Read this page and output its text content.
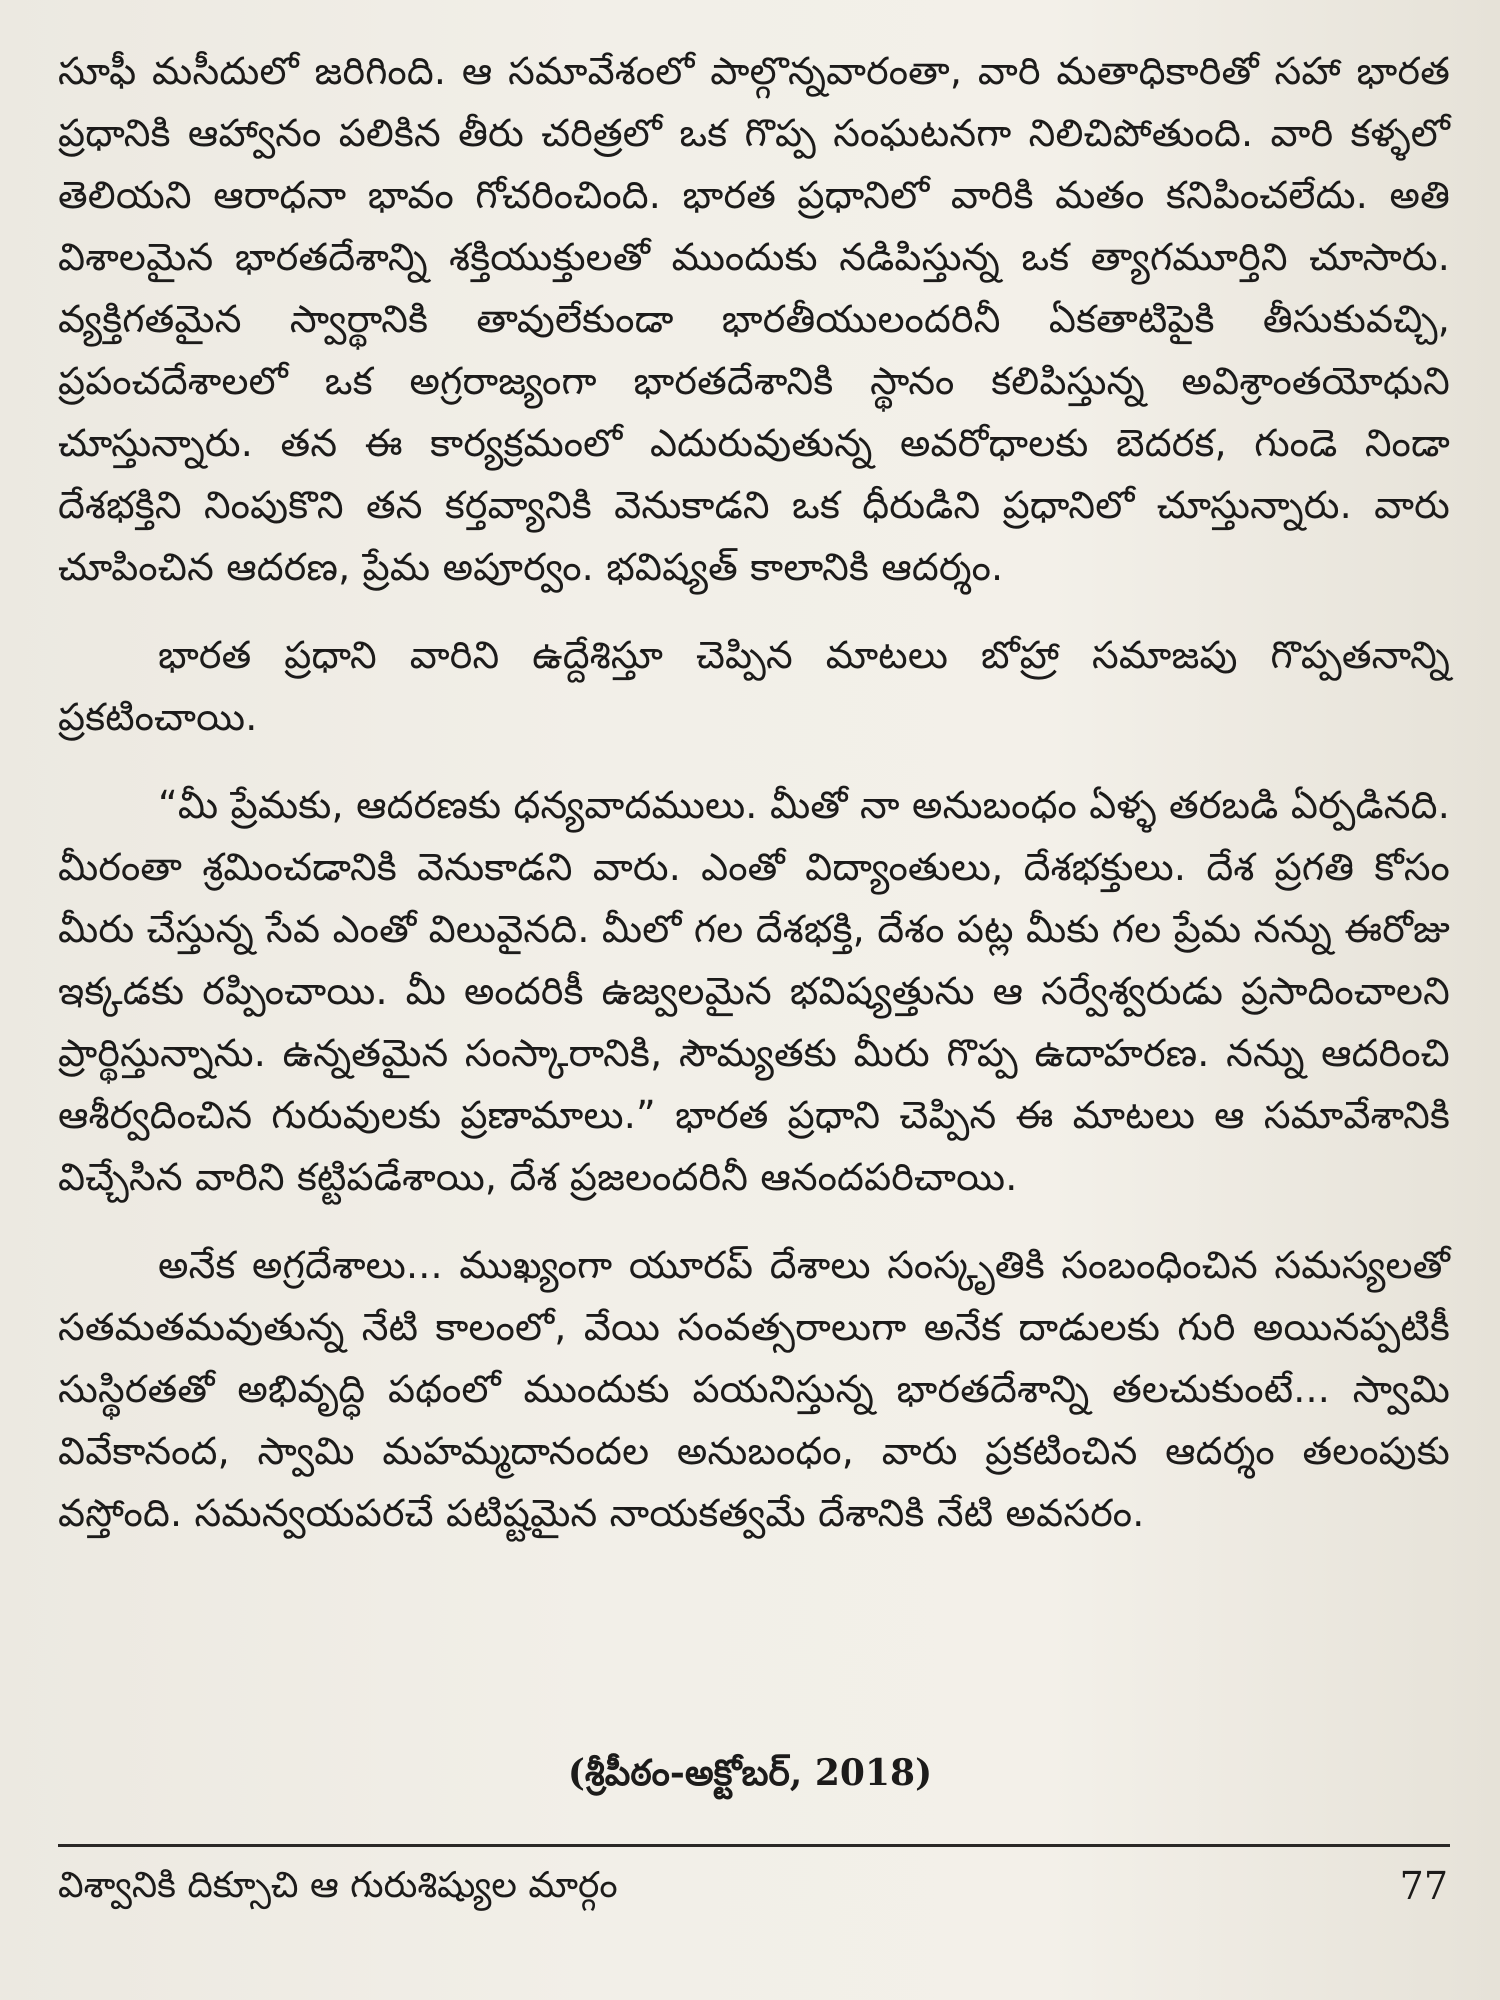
సూఫీ మసీదులో జరిగింది. ఆ సమావేశంలో పాల్గొన్నవారంతా, వారి మతాధికారితో సహా భారత ప్రధానికి ఆహ్వానం పలికిన తీరు చరిత్రలో ఒక గొప్ప సంఘటనగా నిలిచిపోతుంది. వారి కళ్ళలో తెలియని ఆరాధనా భావం గోచరించింది. భారత ప్రధానిలో వారికి మతం కనిపించలేదు. అతి విశాలమైన భారతదేశాన్ని శక్తియుక్తులతో ముందుకు నడిపిస్తున్న ఒక త్యాగమూర్తిని చూసారు. వ్యక్తిగతమైన స్వార్థానికి తావులేకుండా భారతీయులందరినీ ఏకతాటిపైకి తీసుకువచ్చి, ప్రపంచదేశాలలో ఒక అగ్రరాజ్యంగా భారతదేశానికి స్థానం కలిపిస్తున్న అవిశ్రాంతయోధుని చూస్తున్నారు. తన ఈ కార్యక్రమంలో ఎదురువుతున్న అవరోధాలకు బెదరక, గుండె నిండా దేశభక్తిని నింపుకొని తన కర్తవ్యానికి వెనుకాడని ఒక ధీరుడిని ప్రధానిలో చూస్తున్నారు. వారు చూపించిన ఆదరణ, ప్రేమ అపూర్వం. భవిష్యత్ కాలానికి ఆదర్శం.

భారత ప్రధాని వారిని ఉద్దేశిస్తూ చెప్పిన మాటలు బోహ్రా సమాజపు గొప్పతనాన్ని ప్రకటించాయి.

“మీ ప్రేమకు, ఆదరణకు ధన్యవాదములు. మీతో నా అనుబంధం ఏళ్ళ తరబడి ఏర్పడినది. మీరంతా శ్రమించడానికి వెనుకాడని వారు. ఎంతో విద్యాంతులు, దేశభక్తులు. దేశ ప్రగతి కోసం మీరు చేస్తున్న సేవ ఎంతో విలువైనది. మీలో గల దేశభక్తి, దేశం పట్ల మీకు గల ప్రేమ నన్ను ఈరోజు ఇక్కడకు రప్పించాయి. మీ అందరికీ ఉజ్వలమైన భవిష్యత్తును ఆ సర్వేశ్వరుడు ప్రసాదించాలని ప్రార్థిస్తున్నాను. ఉన్నతమైన సంస్కారానికి, సౌమ్యతకు మీరు గొప్ప ఉదాహరణ. నన్ను ఆదరించి ఆశీర్వదించిన గురువులకు ప్రణామాలు.” భారత ప్రధాని చెప్పిన ఈ మాటలు ఆ సమావేశానికి విచ్చేసిన వారిని కట్టిపడేశాయి, దేశ ప్రజలందరినీ ఆనందపరిచాయి.

అనేక అగ్రదేశాలు... ముఖ్యంగా యూరప్ దేశాలు సంస్కృతికి సంబంధించిన సమస్యలతో సతమతమవుతున్న నేటి కాలంలో, వేయి సంవత్సరాలుగా అనేక దాడులకు గురి అయినప్పటికీ సుస్థిరతతో అభివృద్ధి పథంలో ముందుకు పయనిస్తున్న భారతదేశాన్ని తలచుకుంటే... స్వామి వివేకానంద, స్వామి మహమ్మదానందల అనుబంధం, వారు ప్రకటించిన ఆదర్శం తలంపుకు వస్తోంది. సమన్వయపరచే పటిష్టమైన నాయకత్వమే దేశానికి నేటి అవసరం.

(శ్రీపీఠం-అక్టోబర్, 2018)
విశ్వానికి దిక్సూచి ఆ గురుశిష్యుల మార్గం	77
